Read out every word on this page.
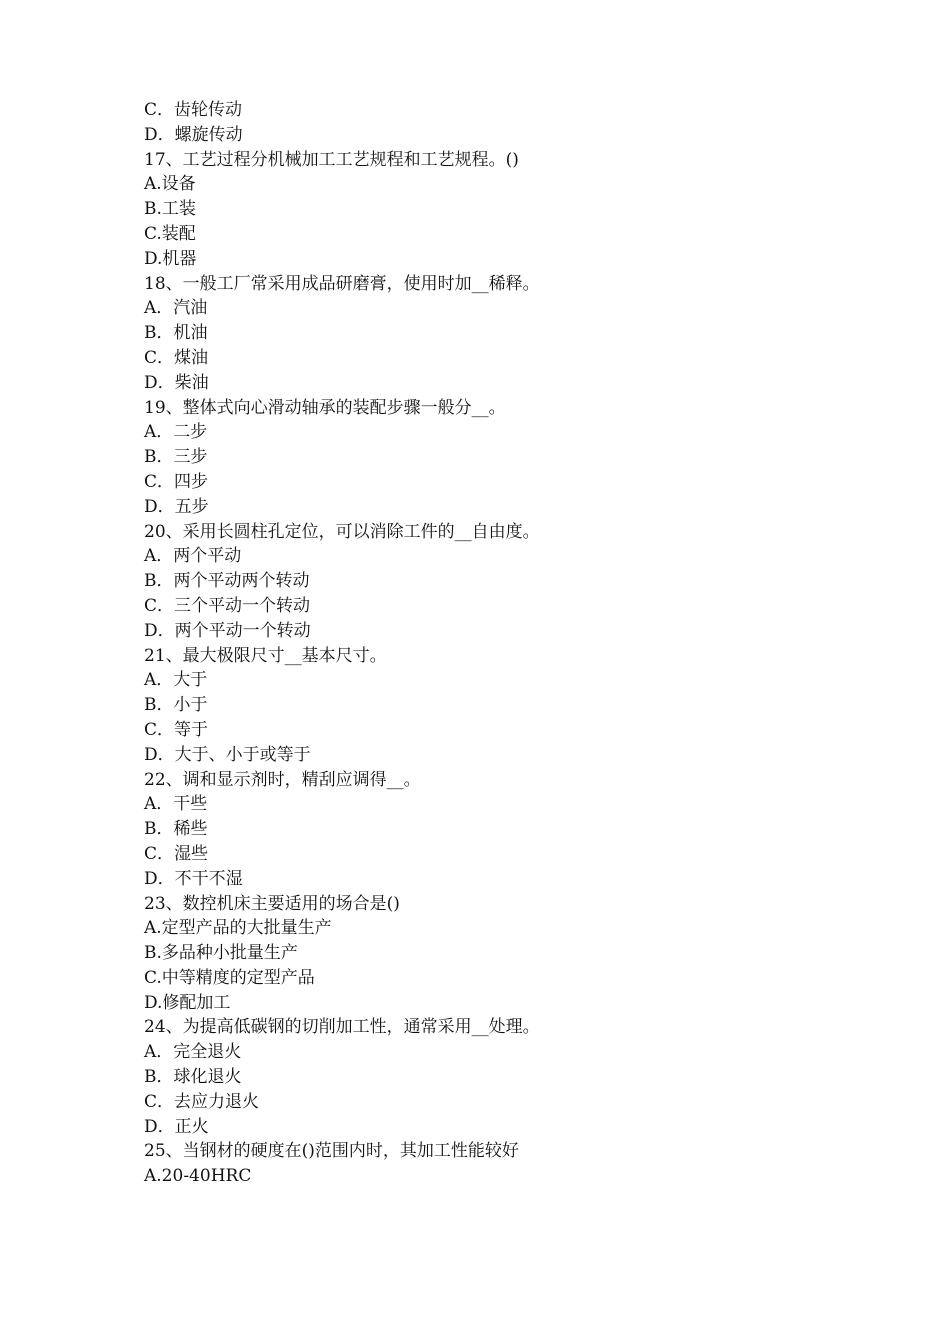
C．齿轮传动
D．螺旋传动
17、工艺过程分机械加工工艺规程和工艺规程。()
A.设备
B.工装
C.装配
D.机器
18、一般工厂常采用成品研磨膏，使用时加__稀释。
A．汽油
B．机油
C．煤油
D．柴油
19、整体式向心滑动轴承的装配步骤一般分__。
A．二步
B．三步
C．四步
D．五步
20、采用长圆柱孔定位，可以消除工件的__自由度。
A．两个平动
B．两个平动两个转动
C．三个平动一个转动
D．两个平动一个转动
21、最大极限尺寸__基本尺寸。
A．大于
B．小于
C．等于
D．大于、小于或等于
22、调和显示剂时，精刮应调得__。
A．干些
B．稀些
C．湿些
D．不干不湿
23、数控机床主要适用的场合是()
A.定型产品的大批量生产
B.多品种小批量生产
C.中等精度的定型产品
D.修配加工
24、为提高低碳钢的切削加工性，通常采用__处理。
A．完全退火
B．球化退火
C．去应力退火
D．正火
25、当钢材的硬度在()范围内时，其加工性能较好
A.20-40HRC
